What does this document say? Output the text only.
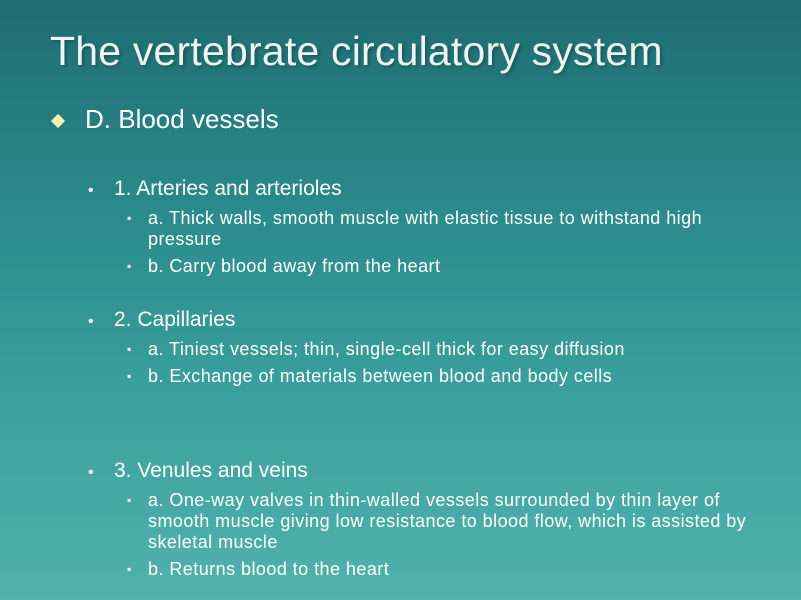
The vertebrate circulatory system
D. Blood vessels
• 1. Arteries and arterioles
▪ a. Thick walls, smooth muscle with elastic tissue to withstand high pressure
▪ b. Carry blood away from the heart
• 2. Capillaries
▪ a. Tiniest vessels; thin, single-cell thick for easy diffusion
▪ b. Exchange of materials between blood and body cells
• 3. Venules and veins
▪ a. One-way valves in thin-walled vessels surrounded by thin layer of smooth muscle giving low resistance to blood flow, which is assisted by skeletal muscle
▪ b. Returns blood to the heart
